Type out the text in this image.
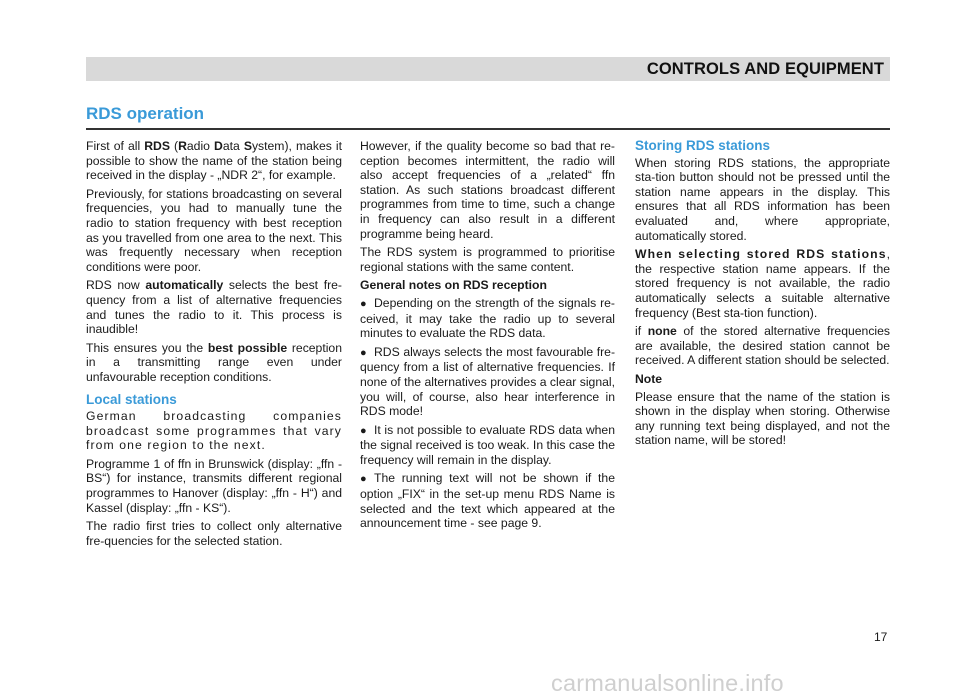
CONTROLS AND EQUIPMENT
RDS operation

First of all RDS (Radio Data System), makes it possible to show the name of the station being received in the display - „NDR 2“, for example.

Previously, for stations broadcasting on several frequencies, you had to manually tune the radio to station frequency with best reception as you travelled from one area to the next. This was frequently necessary when reception conditions were poor.

RDS now automatically selects the best fre-quency from a list of alternative frequencies and tunes the radio to it. This process is inaudible!

This ensures you the best possible reception in a transmitting range even under unfavourable reception conditions.

Local stations

German broadcasting companies broadcast some programmes that vary from one region to the next.

Programme 1 of ffn in Brunswick (display: „ffn - BS“) for instance, transmits different regional programmes to Hanover (display: „ffn - H“) and Kassel (display: „ffn - KS“).

The radio first tries to collect only alternative fre-quencies for the selected station.

However, if the quality become so bad that re-ception becomes intermittent, the radio will also accept frequencies of a „related“ ffn station. As such stations broadcast different programmes from time to time, such a change in frequency can also result in a different programme being heard.

The RDS system is programmed to prioritise regional stations with the same content.

General notes on RDS reception

● Depending on the strength of the signals re-ceived, it may take the radio up to several minutes to evaluate the RDS data.

● RDS always selects the most favourable fre-quency from a list of alternative frequencies. If none of the alternatives provides a clear signal, you will, of course, also hear interference in RDS mode!

● It is not possible to evaluate RDS data when the signal received is too weak. In this case the frequency will remain in the display.

● The running text will not be shown if the option „FIX“ in the set-up menu RDS Name is selected and the text which appeared at the announcement time - see page 9.

Storing RDS stations

When storing RDS stations, the appropriate sta-tion button should not be pressed until the station name appears in the display. This ensures that all RDS information has been evaluated and, where appropriate, automatically stored.

When selecting stored RDS stations, the respective station name appears. If the stored frequency is not available, the radio automatically selects a suitable alternative frequency (Best sta-tion function).

if none of the stored alternative frequencies are available, the desired station cannot be received. A different station should be selected.

Note

Please ensure that the name of the station is shown in the display when storing. Otherwise any running text being displayed, and not the station name, will be stored!

17
carmanualsonline.info
